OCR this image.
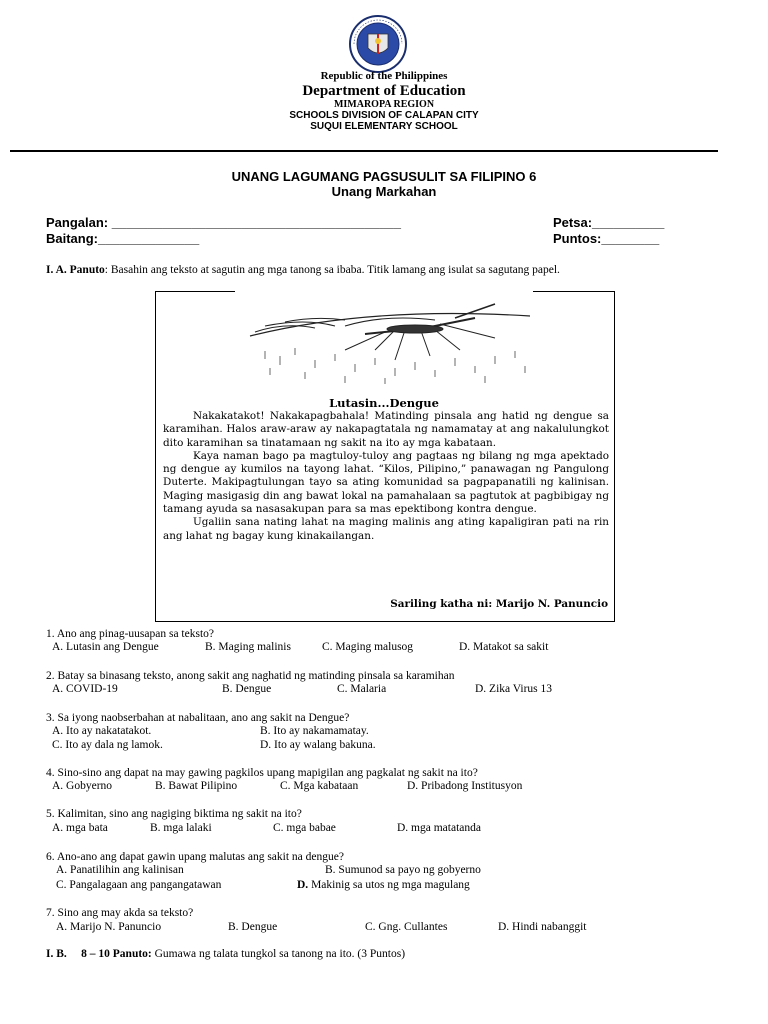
Republic of the Philippines
Department of Education
MIMAROPA REGION
SCHOOLS DIVISION OF CALAPAN CITY
SUQUI ELEMENTARY SCHOOL
UNANG LAGUMANG PAGSUSULIT SA FILIPINO 6
Unang Markahan
Pangalan: ________________________________________	Petsa:__________
Baitang:______________	Puntos:________
I. A. Panuto: Basahin ang teksto at sagutin ang mga tanong sa ibaba. Titik lamang ang isulat sa sagutang papel.
Lutasin...Dengue

Nakakatakot! Nakakapagbahala! Matinding pinsala ang hatid ng dengue sa karamihan. Halos araw-araw ay nakapagtatala ng namamatay at ang nakalulungkot dito karamihan sa tinatamaan ng sakit na ito ay mga kabataan.

Kaya naman bago pa magtuloy-tuloy ang pagtaas ng bilang ng mga apektado ng dengue ay kumilos na tayong lahat. “Kilos, Pilipino,” panawagan ng Pangulong Duterte. Makipagtulungan tayo sa ating komunidad sa pagpapanatili ng kalinisan. Maging masigasig din ang bawat lokal na pamahalaan sa pagtutok at pagbibigay ng tamang ayuda sa nasasakupan para sa mas epektibong kontra dengue.

Ugaliin sana nating lahat na maging malinis ang ating kapaligiran pati na rin ang lahat ng bagay kung kinakailangan.

Sariling katha ni: Marijo N. Panuncio
1. Ano ang pinag-uusapan sa teksto?
A. Lutasin ang Dengue	B. Maging malinis	C. Maging malusog	D. Matakot sa sakit
2. Batay sa binasang teksto, anong sakit ang naghatid ng matinding pinsala sa karamihan
A. COVID-19	B. Dengue	C. Malaria	D. Zika Virus 13
3. Sa iyong naobserbahan at nabalitaan, ano ang sakit na Dengue?
A. Ito ay nakatatakot.	B. Ito ay nakamamatay.
C. Ito ay dala ng lamok.	D. Ito ay walang bakuna.
4. Sino-sino ang dapat na may gawing pagkilos upang mapigilan ang pagkalat ng sakit na ito?
A. Gobyerno	B. Bawat Pilipino	C. Mga kabataan	D. Pribadong Institusyon
5. Kalimitan, sino ang nagiging biktima ng sakit na ito?
A. mga bata	B. mga lalaki	C. mga babae	D. mga matatanda
6. Ano-ano ang dapat gawin upang malutas ang sakit na dengue?
A. Panatilihin ang kalinisan	B. Sumunod sa payo ng gobyerno
C. Pangalagaan ang pangangatawan	D. Makinig sa utos ng mga magulang
7. Sino ang may akda sa teksto?
A. Marijo N. Panuncio	B. Dengue	C. Gng. Cullantes	D. Hindi nabanggit
I. B.     8 – 10 Panuto: Gumawa ng talata tungkol sa tanong na ito. (3 Puntos)
